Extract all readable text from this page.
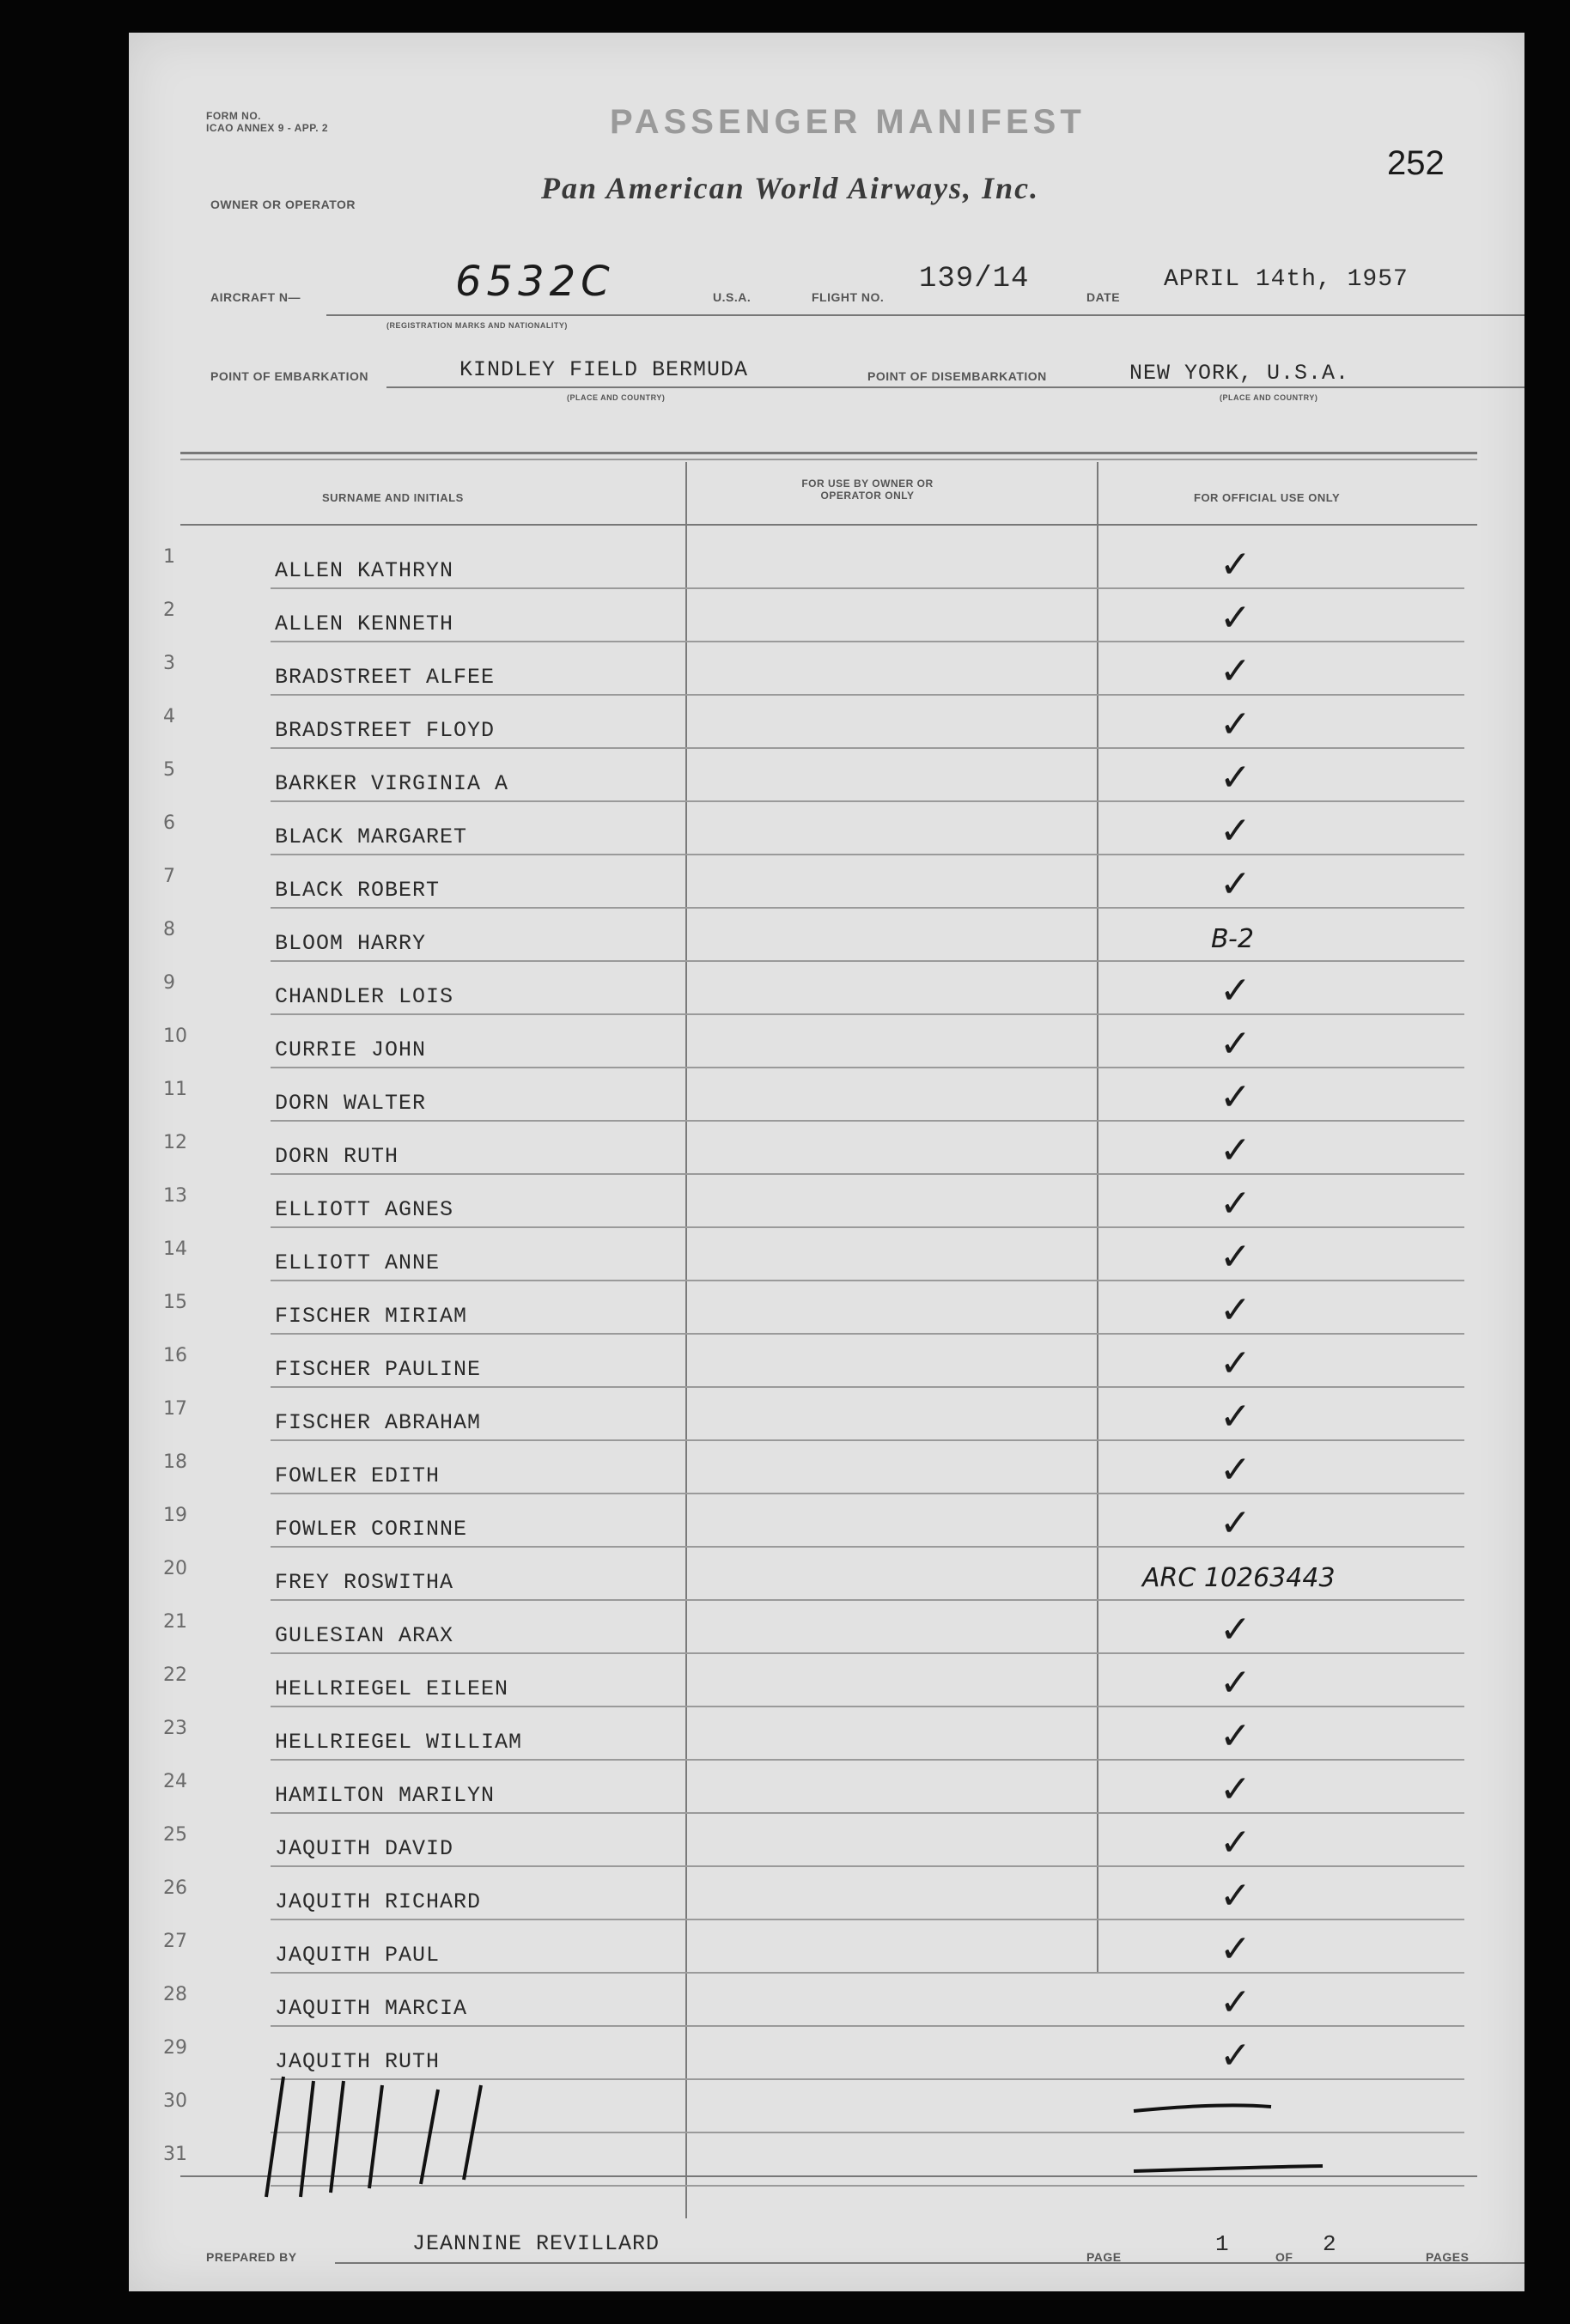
FORM NO.
ICAO ANNEX 9 - APP. 2	PASSENGER MANIFEST
Pan American World Airways, Inc.
252
OWNER OR OPERATOR
AIRCRAFT N—	6532C
(REGISTRATION MARKS AND NATIONALITY)
U.S.A.	FLIGHT NO.
139/14
DATE
APRIL 14th, 1957
POINT OF EMBARKATION	KINDLEY FIELD BERMUDA
(PLACE AND COUNTRY)
POINT OF DISEMBARKATION	NEW YORK, U.S.A.
(PLACE AND COUNTRY)
SURNAME AND INITIALS
FOR USE BY OWNER OR OPERATOR ONLY	FOR OFFICIAL USE ONLY
1
ALLEN KATHRYN	✓
2
ALLEN KENNETH	✓
3
BRADSTREET ALFEE	✓
4
BRADSTREET FLOYD	✓
5
BARKER VIRGINIA A	✓
6
BLACK MARGARET	✓
7
BLACK ROBERT	✓
8
BLOOM HARRY	B-2
9
CHANDLER LOIS	✓
10
CURRIE JOHN	✓
11
DORN WALTER	✓
12
DORN RUTH	✓
13
ELLIOTT AGNES	✓
14
ELLIOTT ANNE	✓
15
FISCHER MIRIAM	✓
16
FISCHER PAULINE	✓
17
FISCHER ABRAHAM	✓
18
FOWLER EDITH	✓
19
FOWLER CORINNE	✓
20
FREY ROSWITHA	ARC 10263443
21
GULESIAN ARAX	✓
22
HELLRIEGEL EILEEN	✓
23
HELLRIEGEL WILLIAM	✓
24
HAMILTON MARILYN	✓
25
JAQUITH DAVID	✓
26
JAQUITH RICHARD	✓
27
JAQUITH PAUL	✓
28
JAQUITH MARCIA	✓
29
JAQUITH RUTH	✓
30
31
PREPARED BY
JEANNINE REVILLARD
PAGE	1	OF 2	PAGES
